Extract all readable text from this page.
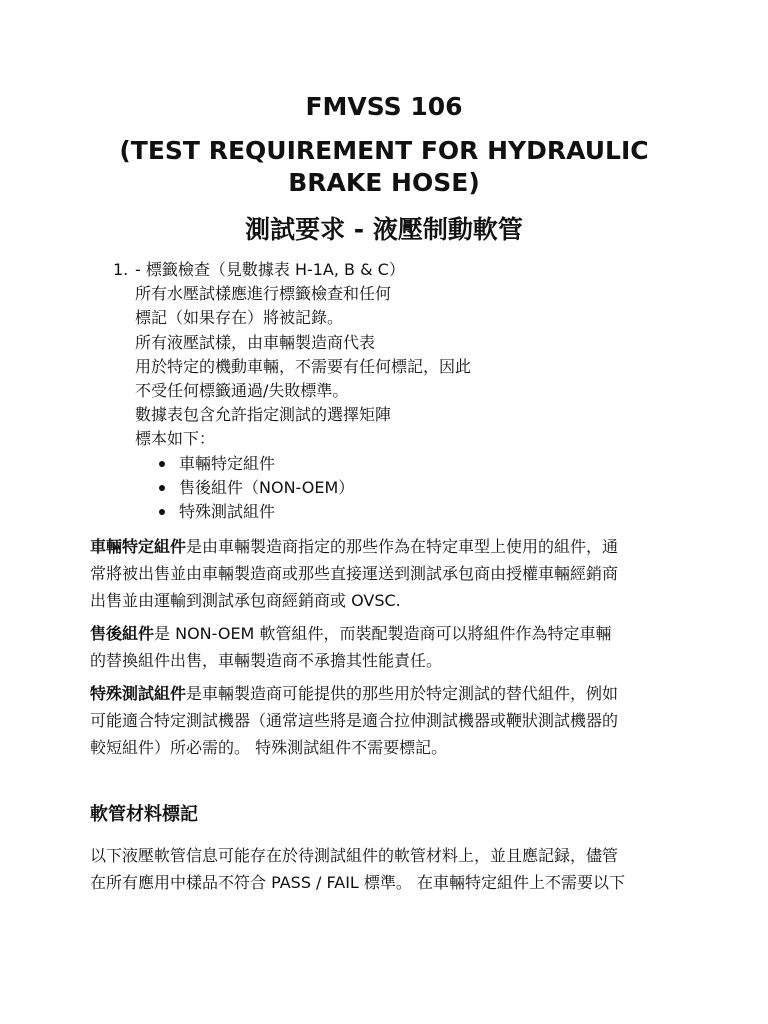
FMVSS 106
(TEST REQUIREMENT FOR HYDRAULIC
BRAKE HOSE)
測試要求 - 液壓制動軟管
1. - 標籤檢查（見數據表 H-1A, B & C）
所有水壓試樣應進行標籤檢查和任何
標記（如果存在）將被記錄。
所有液壓試樣，由車輛製造商代表
用於特定的機動車輛，不需要有任何標記，因此
不受任何標籤通過/失敗標準。
數據表包含允許指定測試的選擇矩陣
標本如下：
車輛特定組件
售後組件（NON-OEM）
特殊測試組件

車輛特定組件是由車輛製造商指定的那些作為在特定車型上使用的組件，通
常將被出售並由車輛製造商或那些直接運送到測試承包商由授權車輛經銷商
出售並由運輸到測試承包商經銷商或 OVSC.

售後組件是 NON-OEM 軟管組件，而裝配製造商可以將組件作為特定車輛
的替換組件出售，車輛製造商不承擔其性能責任。

特殊測試組件是車輛製造商可能提供的那些用於特定測試的替代組件，例如
可能適合特定測試機器（通常這些將是適合拉伸測試機器或鞭狀測試機器的
較短組件）所必需的。 特殊測試組件不需要標記。

軟管材料標記

以下液壓軟管信息可能存在於待測試組件的軟管材料上，並且應記録，儘管
在所有應用中樣品不符合 PASS / FAIL 標準。 在車輛特定組件上不需要以下
